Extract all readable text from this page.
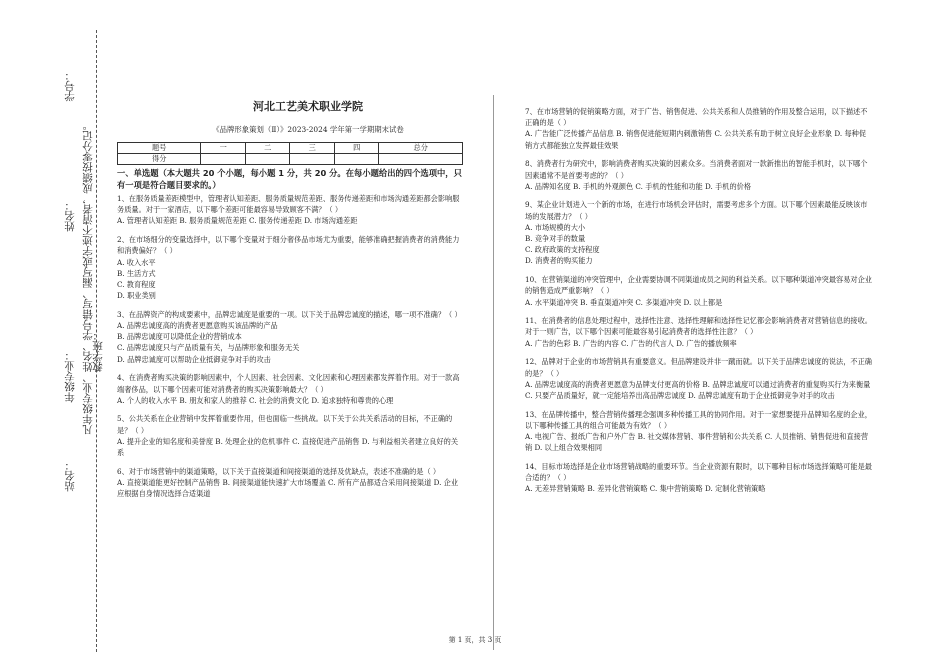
学号：
姓名：
年级专业： 教学班：
站名：
凡年级专业、姓名、学号错写、漏写或字迹不清者，成绩按零分记。
河北工艺美术职业学院
《品牌形象策划（Ⅱ）》2023-2024 学年第一学期期末试卷
题号	一	二	三	四	总分
得分					

一、单选题（本大题共 20 个小题，每小题 1 分，共 20 分。在每小题给出的四个选项中，只有一项是符合题目要求的。）

1、在服务质量差距模型中，管理者认知差距、服务质量规范差距、服务传递差距和市场沟通差距都会影响服务质量。对于一家酒店，以下哪个差距可能最容易导致顾客不满？（ ）

A. 管理者认知差距 B. 服务质量规范差距 C. 服务传递差距 D. 市场沟通差距

2、在市场细分的变量选择中，以下哪个变量对于细分奢侈品市场尤为重要，能够准确把握消费者的消费能力和消费偏好？（ ）

A. 收入水平

B. 生活方式

C. 教育程度

D. 职业类别

3、在品牌资产的构成要素中，品牌忠诚度是重要的一项。以下关于品牌忠诚度的描述，哪一项不准确？（ ）

A. 品牌忠诚度高的消费者更愿意购买该品牌的产品

B. 品牌忠诚度可以降低企业的营销成本

C. 品牌忠诚度只与产品质量有关，与品牌形象和服务无关

D. 品牌忠诚度可以帮助企业抵御竞争对手的攻击

4、在消费者购买决策的影响因素中，个人因素、社会因素、文化因素和心理因素都发挥着作用。对于一款高端奢侈品，以下哪个因素可能对消费者的购买决策影响最大？（ ）

A. 个人的收入水平 B. 朋友和家人的推荐 C. 社会的消费文化 D. 追求独特和尊贵的心理

5、公共关系在企业营销中发挥着重要作用，但也面临一些挑战。以下关于公共关系活动的目标，不正确的是？（ ）

A. 提升企业的知名度和美誉度 B. 处理企业的危机事件 C. 直接促进产品销售 D. 与利益相关者建立良好的关系

6、对于市场营销中的渠道策略，以下关于直接渠道和间接渠道的选择及优缺点，表述不准确的是（ ）

A. 直接渠道能更好控制产品销售 B. 间接渠道能快速扩大市场覆盖 C. 所有产品都适合采用间接渠道 D. 企业应根据自身情况选择合适渠道

7、在市场营销的促销策略方面，对于广告、销售促进、公共关系和人员推销的作用及整合运用，以下描述不正确的是（ ）

A. 广告能广泛传播产品信息 B. 销售促进能短期内刺激销售 C. 公共关系有助于树立良好企业形象 D. 每种促销方式都能独立发挥最佳效果

8、消费者行为研究中，影响消费者购买决策的因素众多。当消费者面对一款新推出的智能手机时，以下哪个因素通常不是首要考虑的？（ ）

A. 品牌知名度 B. 手机的外观颜色 C. 手机的性能和功能 D. 手机的价格

9、某企业计划进入一个新的市场，在进行市场机会评估时，需要考虑多个方面。以下哪个因素最能反映该市场的发展潜力？（ ）

A. 市场规模的大小

B. 竞争对手的数量

C. 政府政策的支持程度

D. 消费者的购买能力

10、在营销渠道的冲突管理中，企业需要协调不同渠道成员之间的利益关系。以下哪种渠道冲突最容易对企业的销售造成严重影响？（ ）

A. 水平渠道冲突 B. 垂直渠道冲突 C. 多渠道冲突 D. 以上都是

11、在消费者的信息处理过程中，选择性注意、选择性理解和选择性记忆都会影响消费者对营销信息的接收。对于一则广告，以下哪个因素可能最容易引起消费者的选择性注意？（ ）

A. 广告的色彩 B. 广告的内容 C. 广告的代言人 D. 广告的播放频率

12、品牌对于企业的市场营销具有重要意义。但品牌建设并非一蹴而就。以下关于品牌忠诚度的说法，不正确的是？（ ）

A. 品牌忠诚度高的消费者更愿意为品牌支付更高的价格 B. 品牌忠诚度可以通过消费者的重复购买行为来衡量 C. 只要产品质量好，就一定能培养出高品牌忠诚度 D. 品牌忠诚度有助于企业抵御竞争对手的攻击

13、在品牌传播中，整合营销传播理念强调多种传播工具的协同作用。对于一家想要提升品牌知名度的企业，以下哪种传播工具的组合可能最为有效？（ ）

A. 电视广告、报纸广告和户外广告 B. 社交媒体营销、事件营销和公共关系 C. 人员推销、销售促进和直接营销 D. 以上组合效果相同

14、目标市场选择是企业市场营销战略的重要环节。当企业资源有限时，以下哪种目标市场选择策略可能是最合适的？（ ）

A. 无差异营销策略 B. 差异化营销策略 C. 集中营销策略 D. 定制化营销策略

第 1 页，共 3 页
